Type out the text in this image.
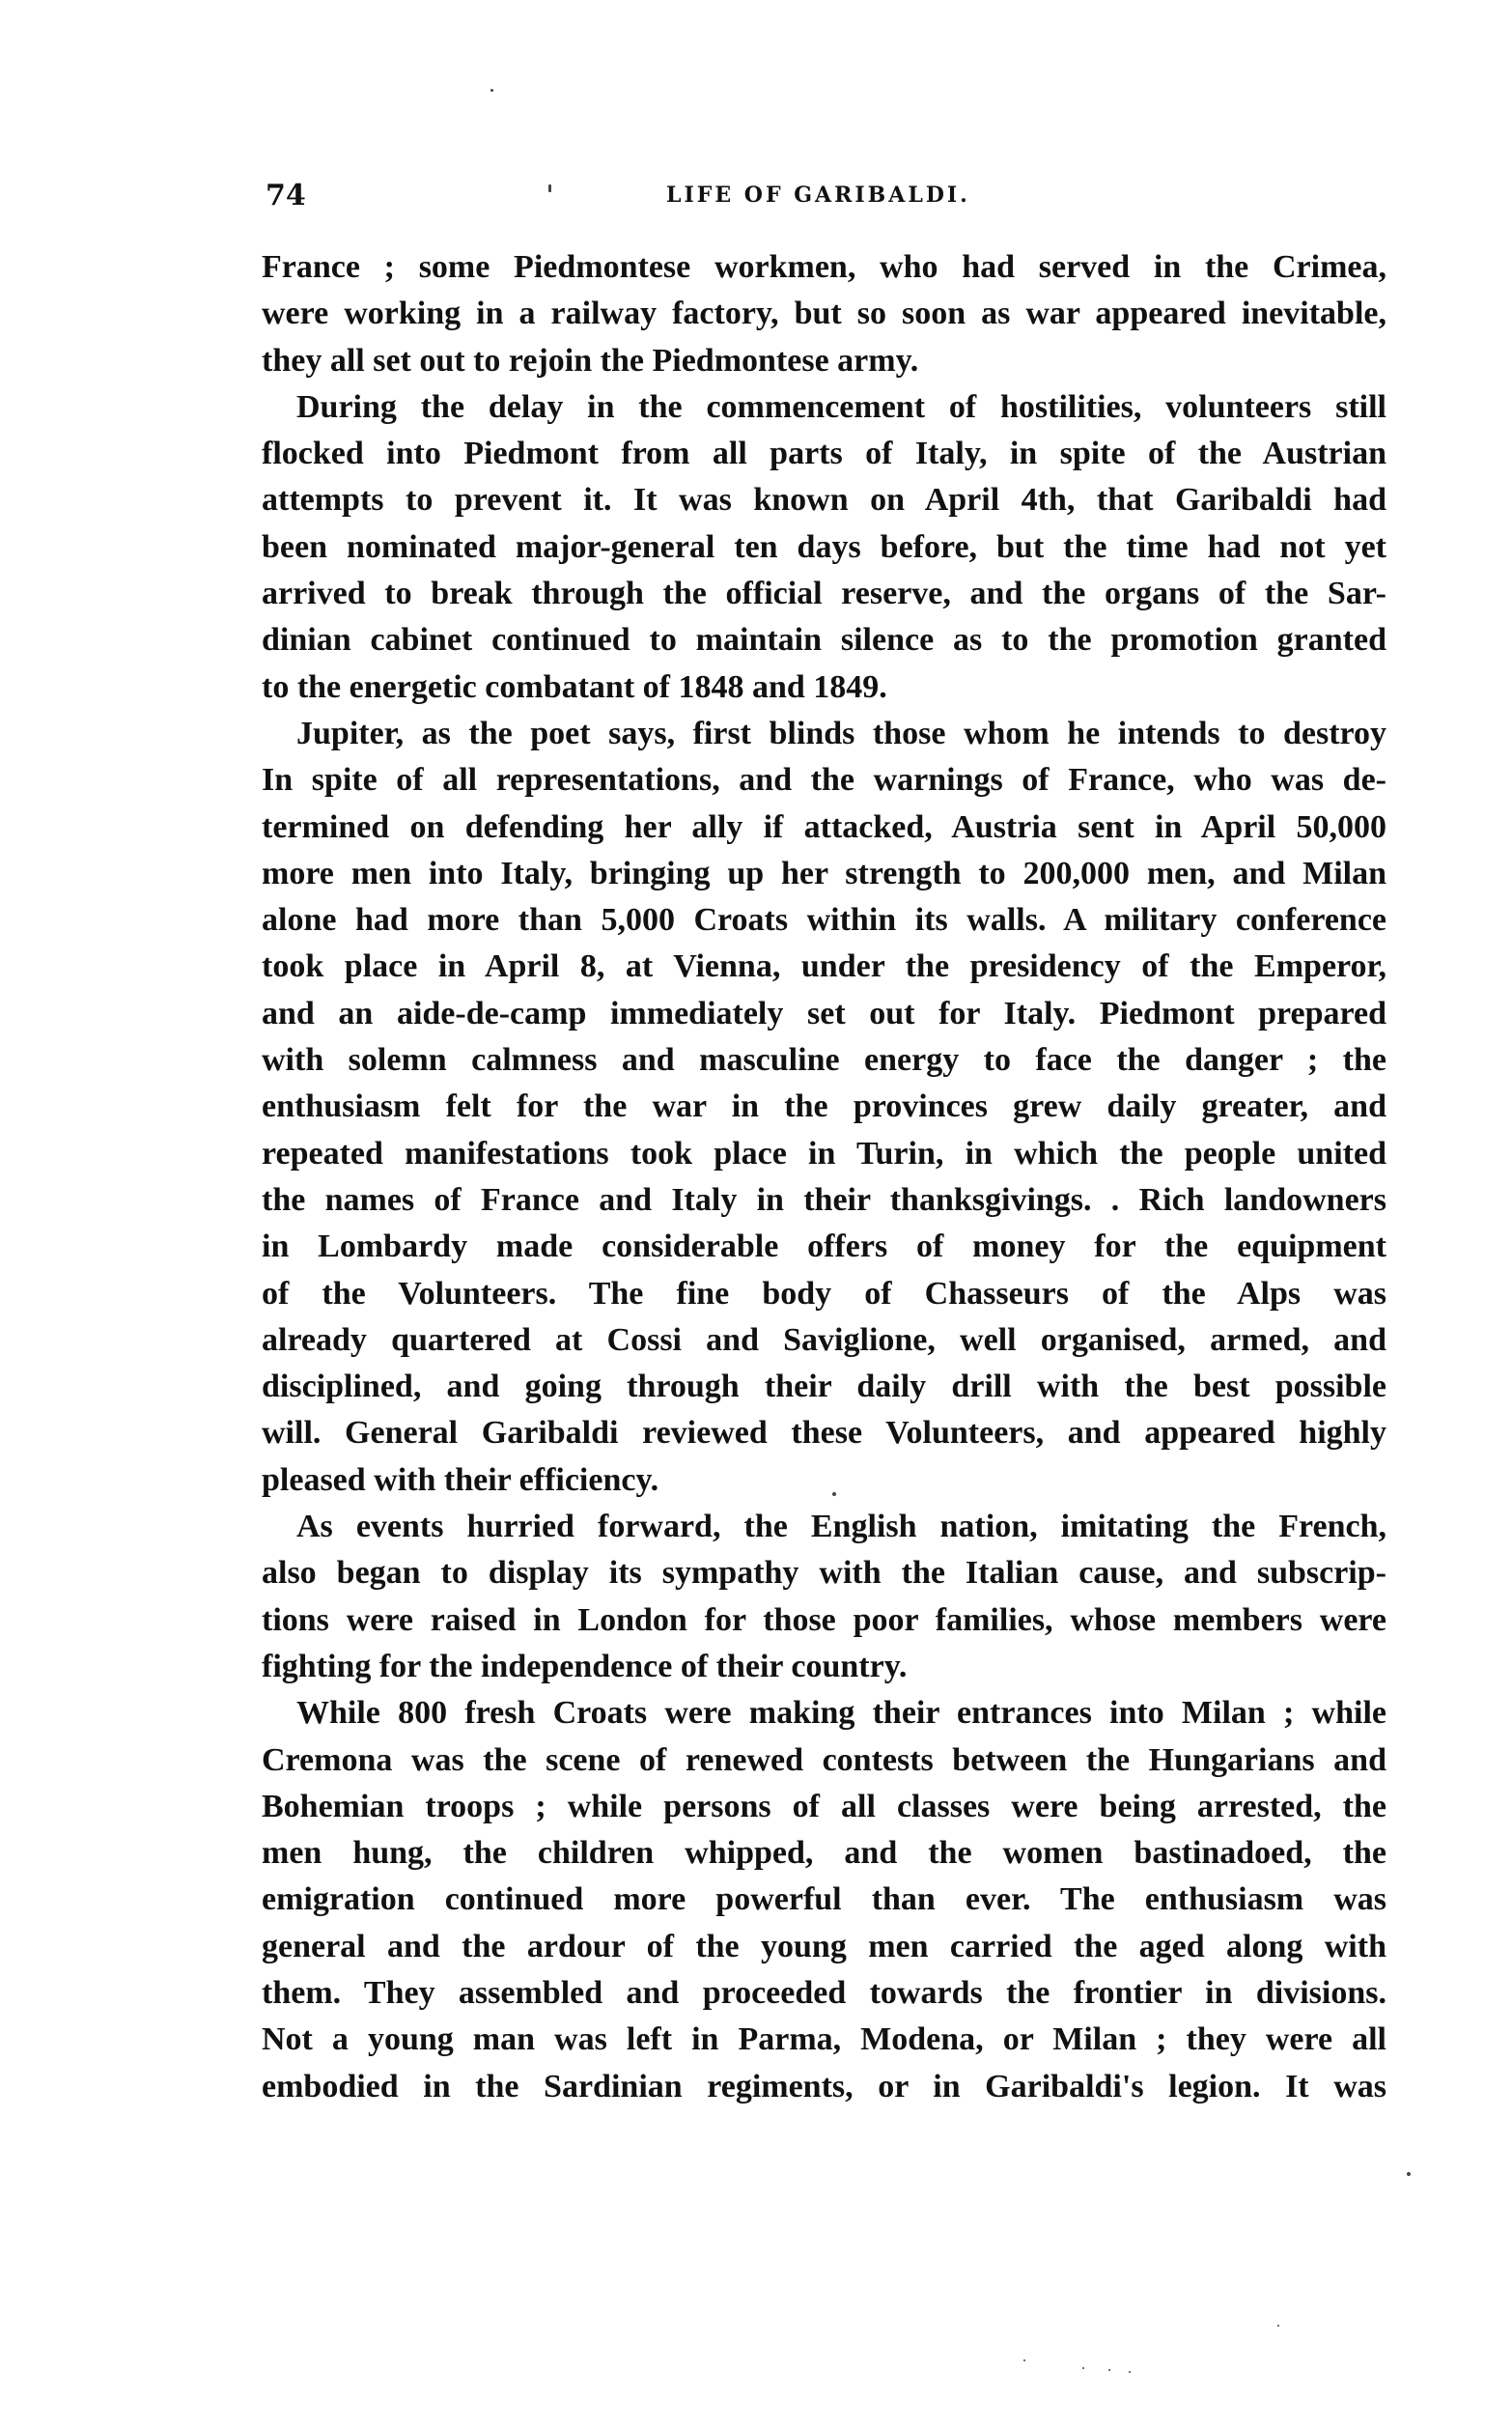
74	LIFE OF GARIBALDI.
France ; some Piedmontese workmen, who had served in the Crimea,
were working in a railway factory, but so soon as war appeared inevitable,
they all set out to rejoin the Piedmontese army.
During the delay in the commencement of hostilities, volunteers still
flocked into Piedmont from all parts of Italy, in spite of the Austrian
attempts to prevent it. It was known on April 4th, that Garibaldi had
been nominated major-general ten days before, but the time had not yet
arrived to break through the official reserve, and the organs of the Sar-
dinian cabinet continued to maintain silence as to the promotion granted
to the energetic combatant of 1848 and 1849.
Jupiter, as the poet says, first blinds those whom he intends to destroy
In spite of all representations, and the warnings of France, who was de-
termined on defending her ally if attacked, Austria sent in April 50,000
more men into Italy, bringing up her strength to 200,000 men, and Milan
alone had more than 5,000 Croats within its walls. A military conference
took place in April 8, at Vienna, under the presidency of the Emperor,
and an aide-de-camp immediately set out for Italy. Piedmont prepared
with solemn calmness and masculine energy to face the danger ; the
enthusiasm felt for the war in the provinces grew daily greater, and
repeated manifestations took place in Turin, in which the people united
the names of France and Italy in their thanksgivings. . Rich landowners
in Lombardy made considerable offers of money for the equipment
of the Volunteers. The fine body of Chasseurs of the Alps was
already quartered at Cossi and Saviglione, well organised, armed, and
disciplined, and going through their daily drill with the best possible
will. General Garibaldi reviewed these Volunteers, and appeared highly
pleased with their efficiency.
As events hurried forward, the English nation, imitating the French,
also began to display its sympathy with the Italian cause, and subscrip-
tions were raised in London for those poor families, whose members were
fighting for the independence of their country.
While 800 fresh Croats were making their entrances into Milan ; while
Cremona was the scene of renewed contests between the Hungarians and
Bohemian troops ; while persons of all classes were being arrested, the
men hung, the children whipped, and the women bastinadoed, the
emigration continued more powerful than ever. The enthusiasm was
general and the ardour of the young men carried the aged along with
them. They assembled and proceeded towards the frontier in divisions.
Not a young man was left in Parma, Modena, or Milan ; they were all
embodied in the Sardinian regiments, or in Garibaldi's legion. It was
